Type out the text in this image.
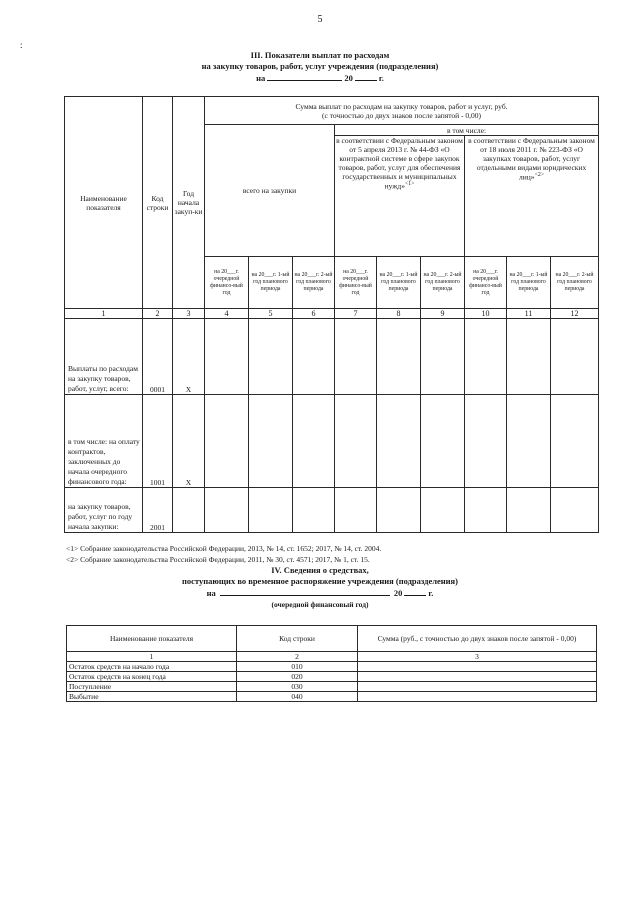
5
:
III. Показатели выплат по расходам
на закупку товаров, работ, услуг учреждения (подразделения)
на	20	г.
Наименование показателя	Код строки	Год начала закуп-ки	Сумма выплат по расходам на закупку товаров, работ и услуг, руб.
(с точностью до двух знаков после запятой - 0,00)								

			всего на закупки			в том числе:					
						в соответствии с Федеральным законом от 5 апреля 2013 г. № 44-ФЗ «О контрактной системе в сфере закупок товаров, работ, услуг для обеспечения государственных и муниципальных нужд»$^{<1>}$			в соответствии с Федеральным законом от 18 июля 2011 г. № 223-ФЗ «О закупках товаров, работ, услуг отдельными видами юридических лиц»$^{<2>}$
			на 20___г. очередной финансо-вый год	на 20___г. 1-ый год планового периода	на 20___г. 2-ый год планового периода	на 20___г. очередной финансо-вый год	на 20___г. 1-ый год планового периода	на 20___г. 2-ый год планового периода	на 20___г. очередной финансо-вый год	на 20___г. 1-ый год планового периода	на 20___г. 2-ый год планового периода
1	2	3	4	5	6	7	8	9	10	11	12
Выплаты по расходам на закупку товаров, работ, услуг, всего:	0001	X									
в том числе: на оплату контрактов, заключенных до начала очередного финансового года:	1001	X									
на закупку товаров, работ, услуг по году начала закупки:	2001										
<1> Собрание законодательства Российской Федерации, 2013, № 14, ст. 1652; 2017, № 14, ст. 2004.
<2> Собрание законодательства Российской Федерации, 2011, № 30, ст. 4571; 2017, № 1, ст. 15.
IV. Сведения о средствах,
поступающих во временное распоряжение учреждения (подразделения)
на	20	г.
(очередной финансовый год)
Наименование показателя	Код строки	Сумма (руб., с точностью до двух знаков после запятой - 0,00)
1	2	3
Остаток средств на начало года	010	
Остаток средств на конец года	020	
Поступление	030	
Выбытие	040	
